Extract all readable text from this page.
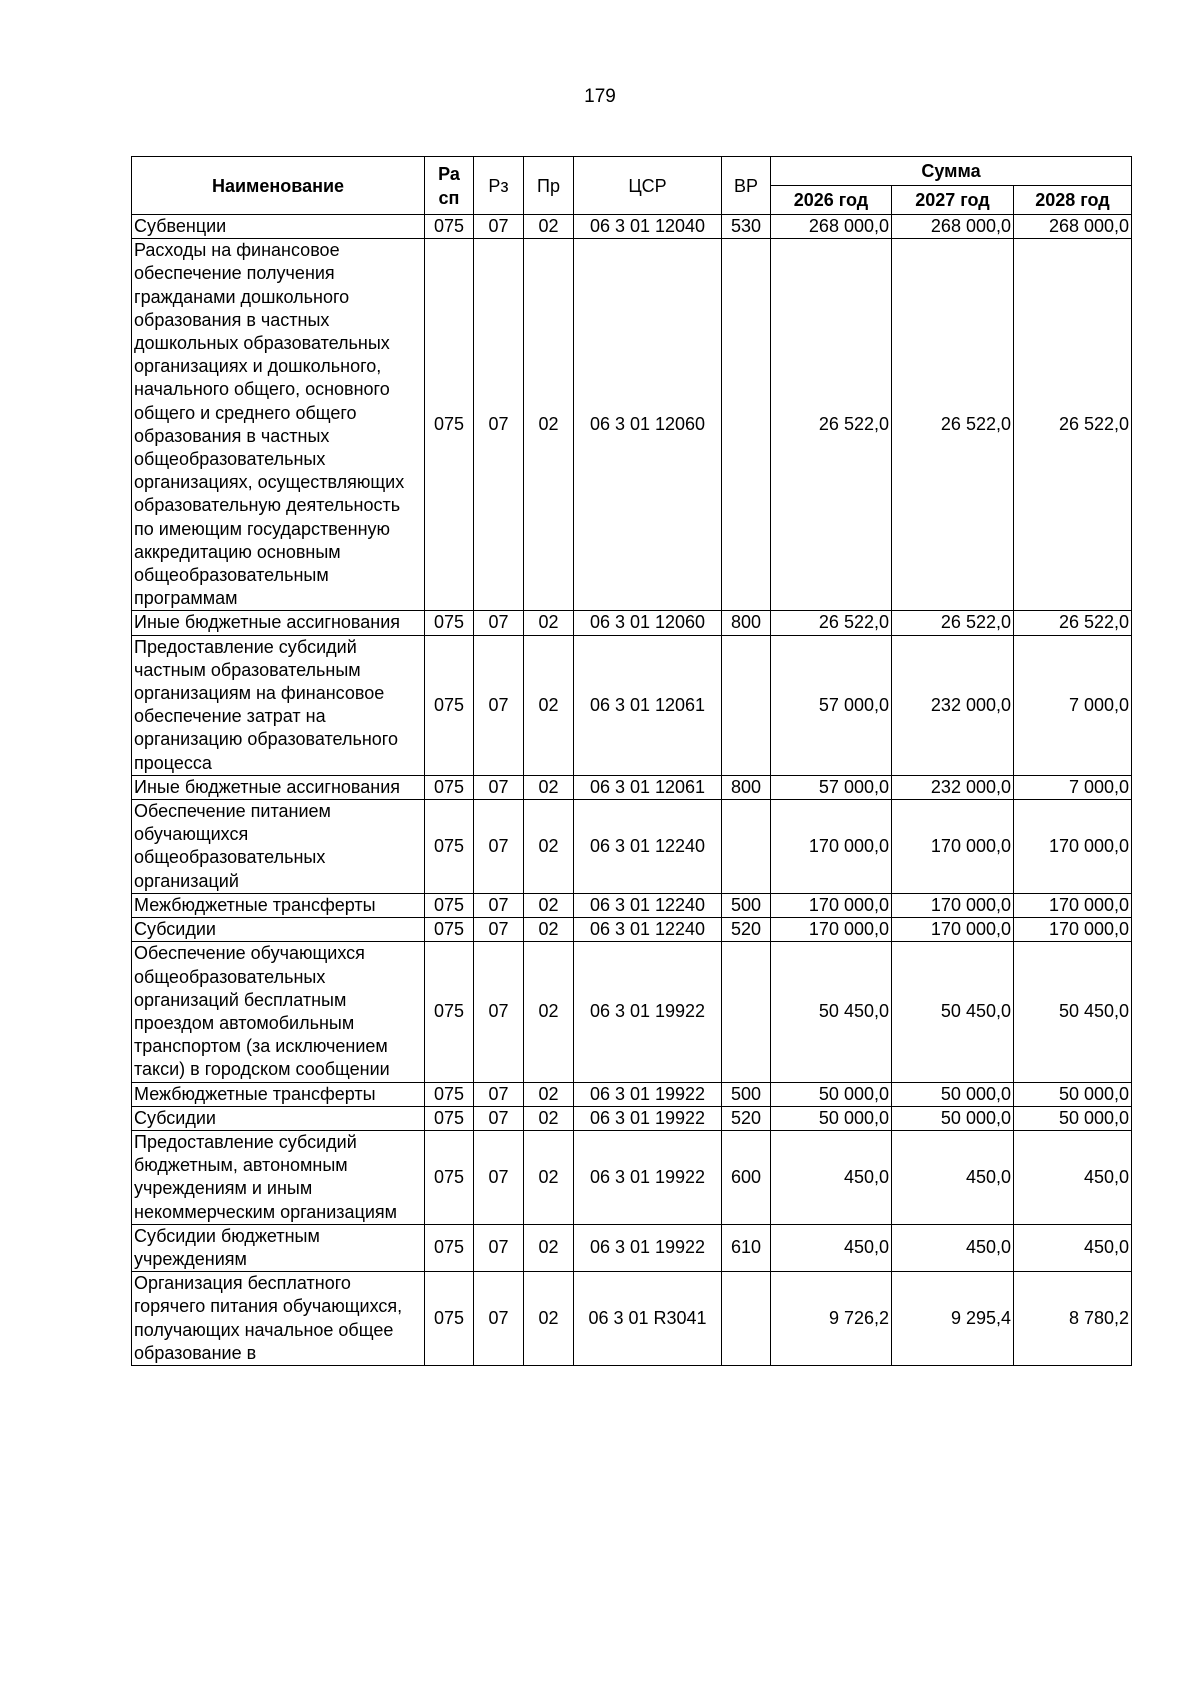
179
Наименование	Ра сп	Рз	Пр	ЦСР	ВР	Сумма		
						2026 год	2027 год	2028 год
Субвенции	075	07	02	06 3 01 12040	530	268 000,0	268 000,0	268 000,0
Расходы на финансовое обеспечение получения гражданами дошкольного образования в частных дошкольных образовательных организациях и дошкольного, начального общего, основного общего и среднего общего образования в частных общеобразовательных организациях, осуществляющих образовательную деятельность по имеющим государственную аккредитацию основным общеобразовательным программам	075	07	02	06 3 01 12060		26 522,0	26 522,0	26 522,0
Иные бюджетные ассигнования	075	07	02	06 3 01 12060	800	26 522,0	26 522,0	26 522,0
Предоставление субсидий частным образовательным организациям на финансовое обеспечение затрат на организацию образовательного процесса	075	07	02	06 3 01 12061		57 000,0	232 000,0	7 000,0
Иные бюджетные ассигнования	075	07	02	06 3 01 12061	800	57 000,0	232 000,0	7 000,0
Обеспечение питанием обучающихся общеобразовательных организаций	075	07	02	06 3 01 12240		170 000,0	170 000,0	170 000,0
Межбюджетные трансферты	075	07	02	06 3 01 12240	500	170 000,0	170 000,0	170 000,0
Субсидии	075	07	02	06 3 01 12240	520	170 000,0	170 000,0	170 000,0
Обеспечение обучающихся общеобразовательных организаций бесплатным проездом автомобильным транспортом (за исключением такси) в городском сообщении	075	07	02	06 3 01 19922		50 450,0	50 450,0	50 450,0
Межбюджетные трансферты	075	07	02	06 3 01 19922	500	50 000,0	50 000,0	50 000,0
Субсидии	075	07	02	06 3 01 19922	520	50 000,0	50 000,0	50 000,0
Предоставление субсидий бюджетным, автономным учреждениям и иным некоммерческим организациям	075	07	02	06 3 01 19922	600	450,0	450,0	450,0
Субсидии бюджетным учреждениям	075	07	02	06 3 01 19922	610	450,0	450,0	450,0
Организация бесплатного горячего питания обучающихся, получающих начальное общее образование в	075	07	02	06 3 01 R3041		9 726,2	9 295,4	8 780,2
